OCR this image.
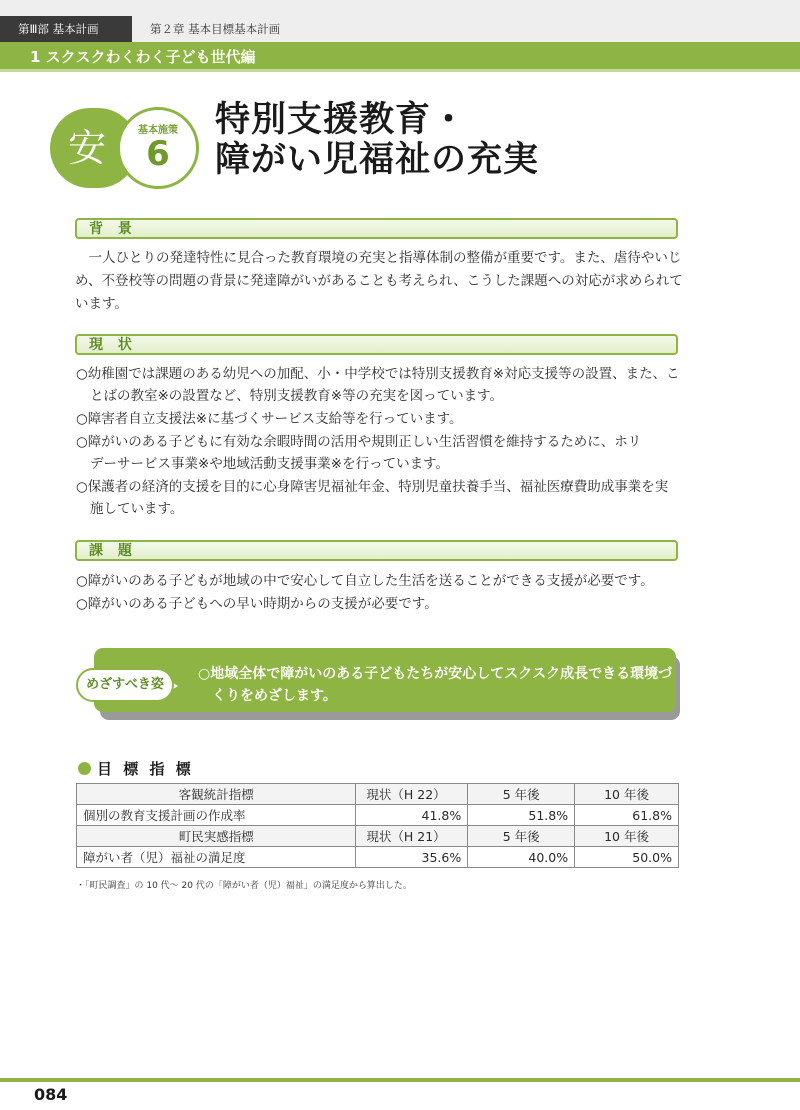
第Ⅲ部 基本計画	第２章 基本目標基本計画
1 スクスクわくわく子ども世代編
安	基本施策
6
特別支援教育・
障がい児福祉の充実
背 景
一人ひとりの発達特性に見合った教育環境の充実と指導体制の整備が重要です。また、虐待やいじめ、不登校等の問題の背景に発達障がいがあることも考えられ、こうした課題への対応が求められています。
現 状
○幼稚園では課題のある幼児への加配、小・中学校では特別支援教育※対応支援等の設置、また、こ
とばの教室※の設置など、特別支援教育※等の充実を図っています。
○障害者自立支援法※に基づくサービス支給等を行っています。
○障がいのある子どもに有効な余暇時間の活用や規則正しい生活習慣を維持するために、ホリ
デーサービス事業※や地域活動支援事業※を行っています。
○保護者の経済的支援を目的に心身障害児福祉年金、特別児童扶養手当、福祉医療費助成事業を実
施しています。
課 題
○障がいのある子どもが地域の中で安心して自立した生活を送ることができる支援が必要です。
○障がいのある子どもへの早い時期からの支援が必要です。
○地域全体で障がいのある子どもたちが安心してスクスク成長できる環境づ
くりをめざします。
めざすべき姿
目 標 指 標
客観統計指標	現状（H 22）	5 年後	10 年後
個別の教育支援計画の作成率	41.8%	51.8%	61.8%
町民実感指標	現状（H 21）	5 年後	10 年後
障がい者（児）福祉の満足度	35.6%	40.0%	50.0%
・「町民調査」の 10 代～ 20 代の「障がい者（児）福祉」の満足度から算出した。
084
